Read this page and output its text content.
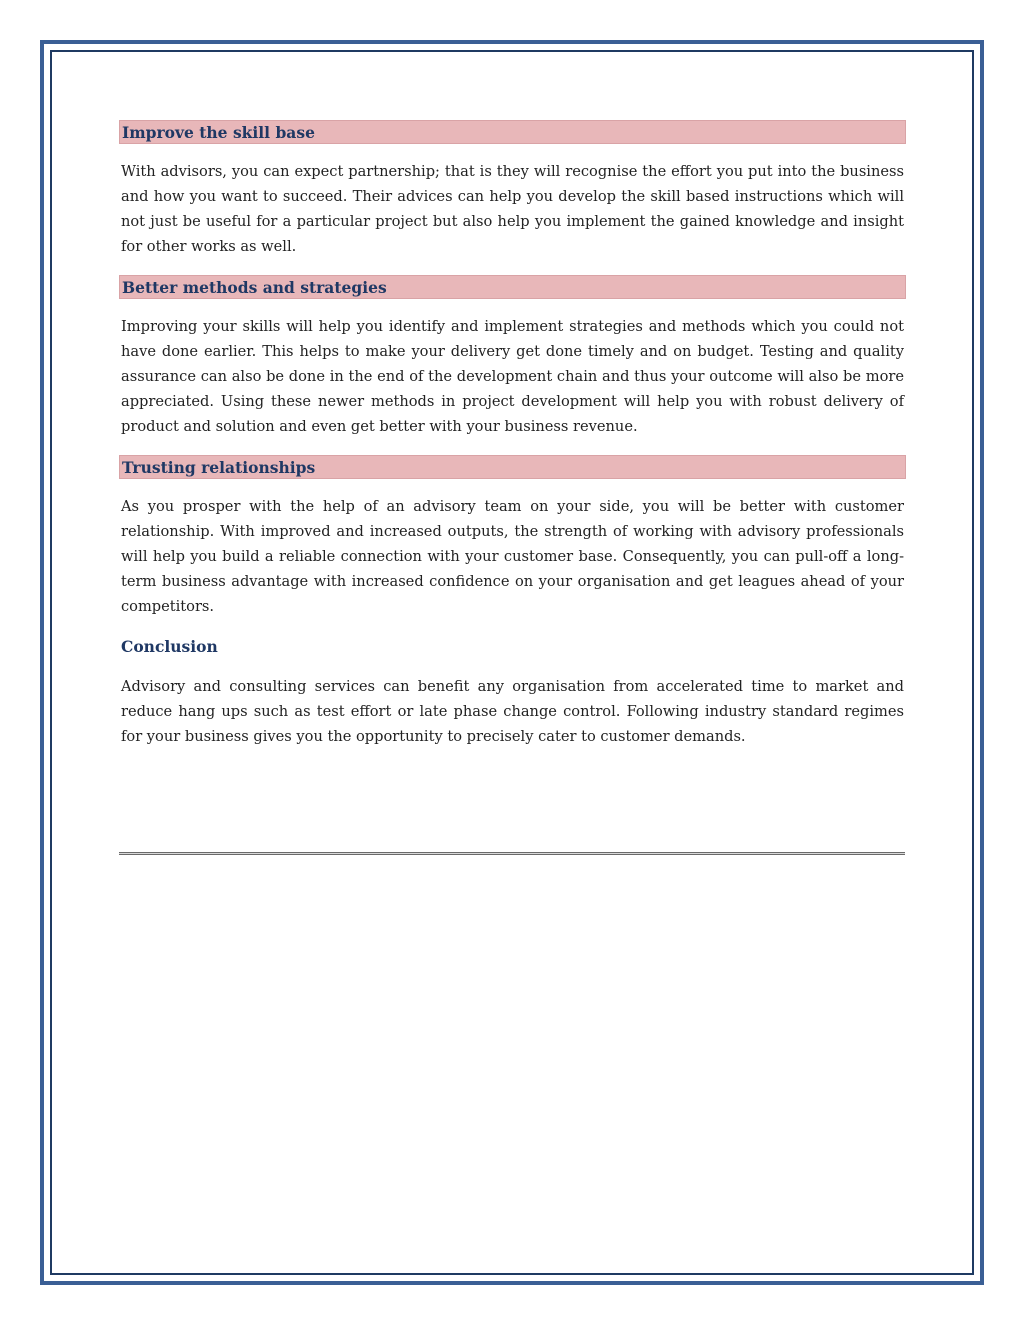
Improve the skill base

With advisors, you can expect partnership; that is they will recognise the effort you put into the business and how you want to succeed. Their advices can help you develop the skill based instructions which will not just be useful for a particular project but also help you implement the gained knowledge and insight for other works as well.

Better methods and strategies

Improving your skills will help you identify and implement strategies and methods which you could not have done earlier. This helps to make your delivery get done timely and on budget. Testing and quality assurance can also be done in the end of the development chain and thus your outcome will also be more appreciated. Using these newer methods in project development will help you with robust delivery of product and solution and even get better with your business revenue.

Trusting relationships

As you prosper with the help of an advisory team on your side, you will be better with customer relationship. With improved and increased outputs, the strength of working with advisory professionals will help you build a reliable connection with your customer base. Consequently, you can pull-off a long-term business advantage with increased confidence on your organisation and get leagues ahead of your competitors.

Conclusion

Advisory and consulting services can benefit any organisation from accelerated time to market and reduce hang ups such as test effort or late phase change control. Following industry standard regimes for your business gives you the opportunity to precisely cater to customer demands.
